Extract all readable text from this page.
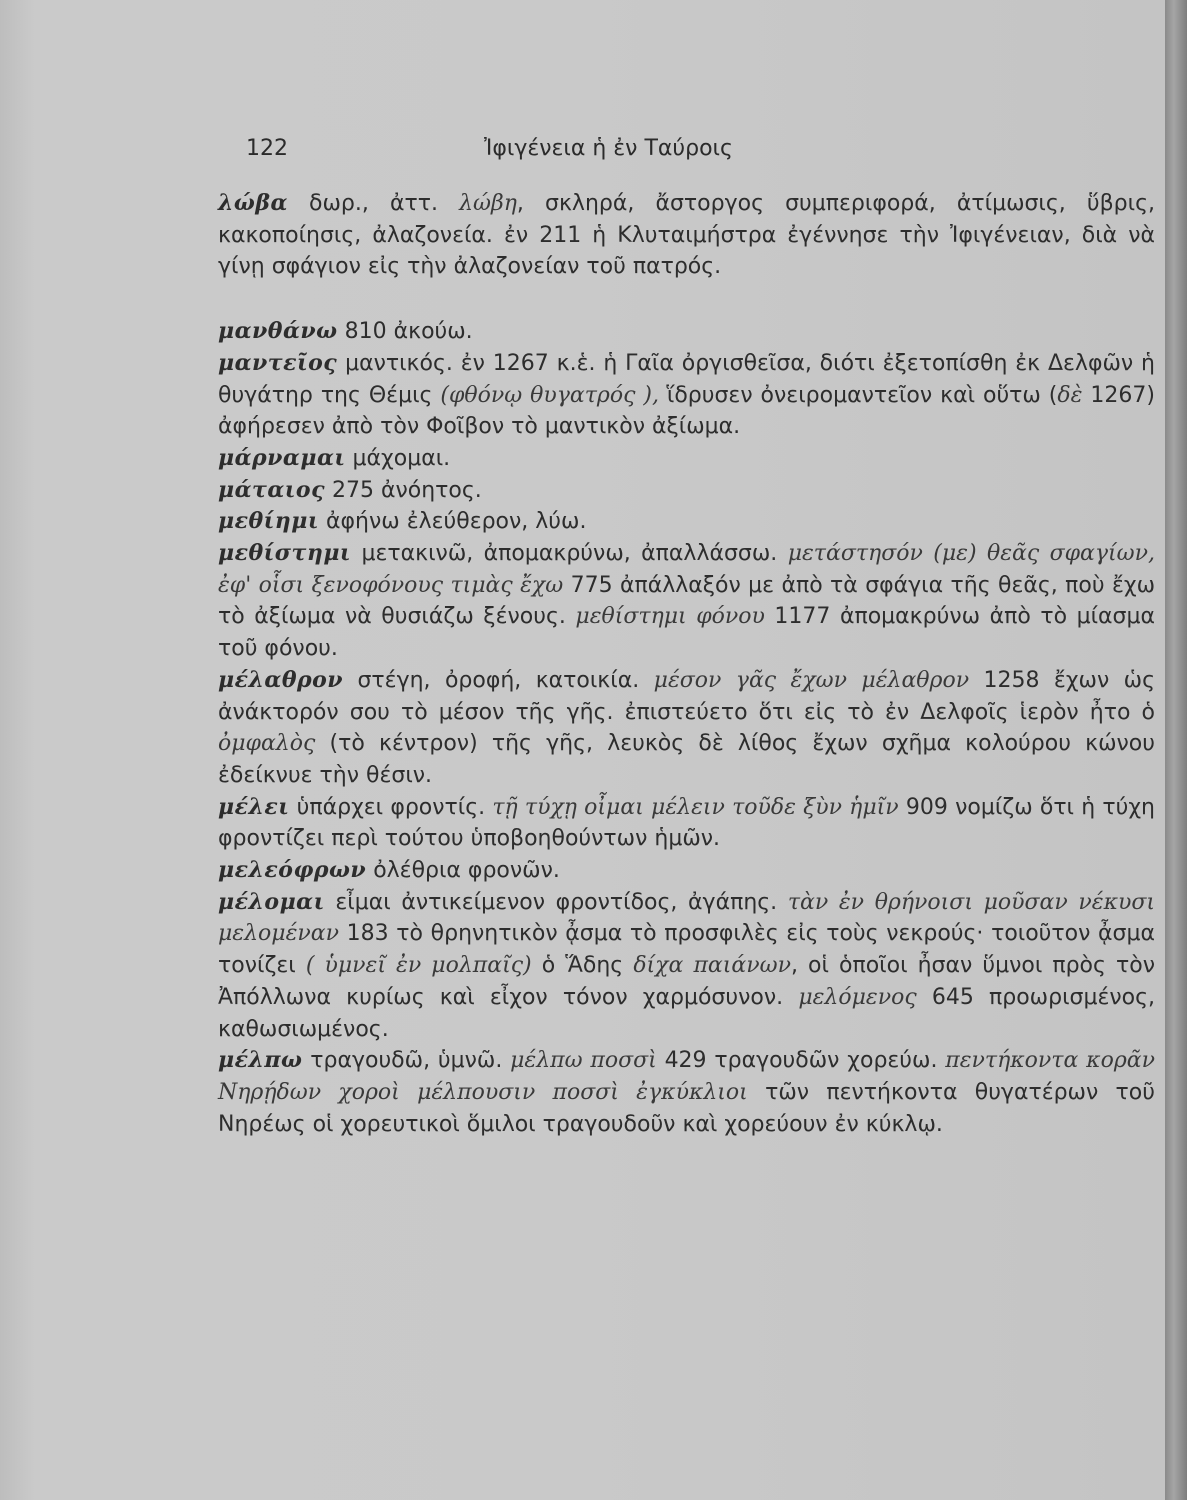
122	Ἰφιγένεια ἡ ἐν Ταύροις

λώβα δωρ., ἀττ. λώβη, σκληρά, ἄστοργος συμπεριφορά, ἀτίμωσις, ὕβρις, κακοποίησις, ἀλαζονεία. ἐν 211 ἡ Κλυταιμήστρα ἐγέννησε τὴν Ἰφιγένειαν, διὰ νὰ γίνῃ σφάγιον εἰς τὴν ἀλαζονείαν τοῦ πατρός.

μανθάνω 810 ἀκούω.

μαντεῖος μαντικός. ἐν 1267 κ.ἑ. ἡ Γαῖα ὀργισθεῖσα, διότι ἐξετοπίσθη ἐκ Δελφῶν ἡ θυγάτηρ της Θέμις (φθόνῳ θυγατρός ), ἵδρυσεν ὀνειρομαντεῖον καὶ οὕτω (δὲ 1267) ἀφήρεσεν ἀπὸ τὸν Φοῖβον τὸ μαντικὸν ἀξίωμα.

μάρναμαι μάχομαι.

μάταιος 275 ἀνόητος.

μεθίημι ἀφήνω ἐλεύθερον, λύω.

μεθίστημι μετακινῶ, ἀπομακρύνω, ἀπαλλάσσω. μετάστησόν (με) θεᾶς σφαγίων, ἐφ' οἷσι ξενοφόνους τιμὰς ἔχω 775 ἀπάλλαξόν με ἀπὸ τὰ σφάγια τῆς θεᾶς, ποὺ ἔχω τὸ ἀξίωμα νὰ θυσιάζω ξένους. μεθίστημι φόνου 1177 ἀπομακρύνω ἀπὸ τὸ μίασμα τοῦ φόνου.

μέλαθρον στέγη, ὀροφή, κατοικία. μέσον γᾶς ἔχων μέλαθρον 1258 ἔχων ὡς ἀνάκτορόν σου τὸ μέσον τῆς γῆς. ἐπιστεύετο ὅτι εἰς τὸ ἐν Δελφοῖς ἱερὸν ἦτο ὁ ὀμφαλὸς (τὸ κέντρον) τῆς γῆς, λευκὸς δὲ λίθος ἔχων σχῆμα κολούρου κώνου ἐδείκνυε τὴν θέσιν.

μέλει ὑπάρχει φροντίς. τῇ τύχῃ οἶμαι μέλειν τοῦδε ξὺν ἡμῖν 909 νομίζω ὅτι ἡ τύχη φροντίζει περὶ τούτου ὑποβοηθούντων ἡμῶν.

μελεόφρων ὀλέθρια φρονῶν.

μέλομαι εἶμαι ἀντικείμενον φροντίδος, ἀγάπης. τὰν ἐν θρήνοισι μοῦσαν νέκυσι μελομέναν 183 τὸ θρηνητικὸν ᾆσμα τὸ προσφιλὲς εἰς τοὺς νεκρούς· τοιοῦτον ᾆσμα τονίζει ( ὑμνεῖ ἐν μολπαῖς) ὁ Ἅδης δίχα παιάνων, οἱ ὁποῖοι ἦσαν ὕμνοι πρὸς τὸν Ἀπόλλωνα κυρίως καὶ εἶχον τόνον χαρμόσυνον. μελόμενος 645 προωρισμένος, καθωσιωμένος.

μέλπω τραγουδῶ, ὑμνῶ. μέλπω ποσσὶ 429 τραγουδῶν χορεύω. πεντήκοντα κορᾶν Νηρῄδων χοροὶ μέλπουσιν ποσσὶ ἐγκύκλιοι τῶν πεντήκοντα θυγατέρων τοῦ Νηρέως οἱ χορευτικοὶ ὅμιλοι τραγουδοῦν καὶ χορεύουν ἐν κύκλῳ.
